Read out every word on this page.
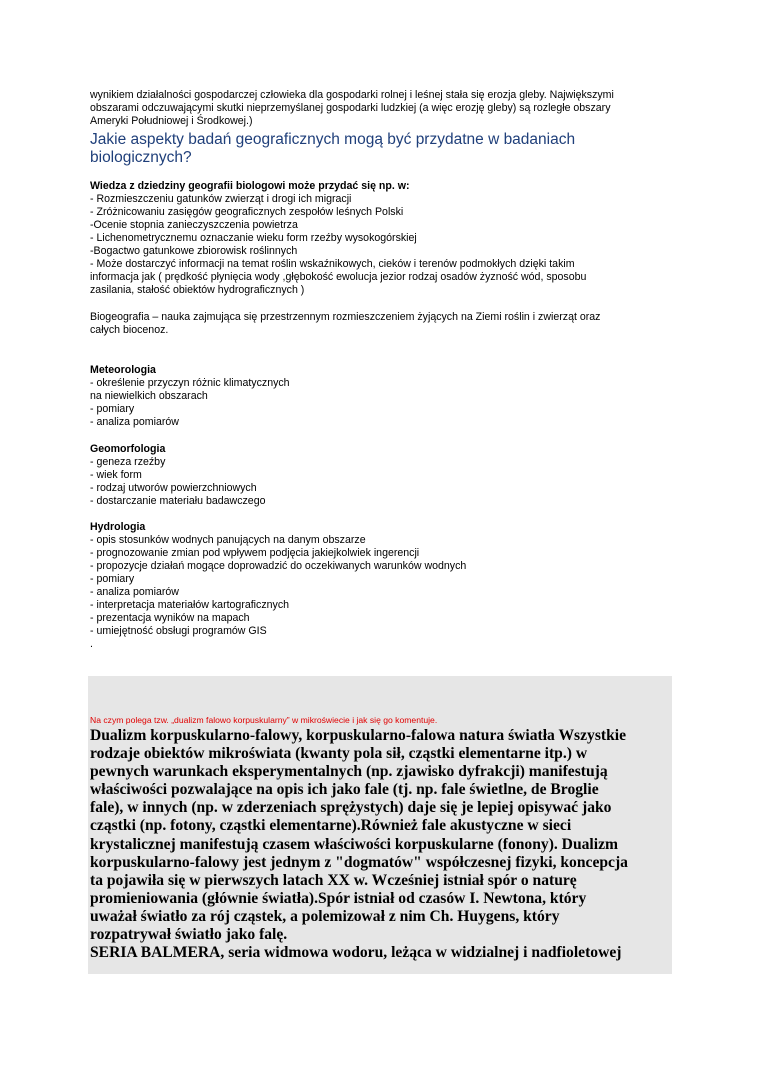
wynikiem działalności gospodarczej człowieka dla gospodarki rolnej i leśnej stała się erozja gleby. Największymi
obszarami odczuwającymi skutki nieprzemyślanej gospodarki ludzkiej (a więc erozję gleby) są rozległe obszary
Ameryki Południowej i Środkowej.)
Jakie aspekty badań geograficznych mogą być przydatne w badaniach
biologicznych?
Wiedza z dziedziny geografii biologowi może przydać się np. w:
- Rozmieszczeniu gatunków zwierząt i drogi ich migracji
- Zróżnicowaniu zasięgów geograficznych zespołów leśnych Polski
-Ocenie stopnia zanieczyszczenia powietrza
- Lichenometrycznemu oznaczanie wieku form rzeźby wysokogórskiej
-Bogactwo gatunkowe zbiorowisk roślinnych
- Może dostarczyć informacji na temat roślin wskaźnikowych, cieków i terenów podmokłych dzięki takim
informacja jak ( prędkość płynięcia wody ,głębokość ewolucja jezior rodzaj osadów żyzność wód, sposobu
zasilania, stałość obiektów hydrograficznych )
Biogeografia – nauka zajmująca się przestrzennym rozmieszczeniem żyjących na Ziemi roślin i zwierząt oraz
całych biocenoz.
Meteorologia
- określenie przyczyn różnic klimatycznych
na niewielkich obszarach
- pomiary
- analiza pomiarów
Geomorfologia
- geneza rzeźby
- wiek form
- rodzaj utworów powierzchniowych
- dostarczanie materiału badawczego
Hydrologia
- opis stosunków wodnych panujących na danym obszarze
- prognozowanie zmian pod wpływem podjęcia jakiejkolwiek ingerencji
- propozycje działań mogące doprowadzić do oczekiwanych warunków wodnych
- pomiary
- analiza pomiarów
- interpretacja materiałów kartograficznych
- prezentacja wyników na mapach
- umiejętność obsługi programów GIS
.
Na czym polega tzw. „dualizm falowo korpuskularny” w mikroświecie i jak się go komentuje.
Dualizm korpuskularno-falowy, korpuskularno-falowa natura światła Wszystkie
rodzaje obiektów mikroświata (kwanty pola sił, cząstki elementarne itp.) w
pewnych warunkach eksperymentalnych (np. zjawisko dyfrakcji) manifestują
właściwości pozwalające na opis ich jako fale (tj. np. fale świetlne, de Broglie
fale), w innych (np. w zderzeniach sprężystych) daje się je lepiej opisywać jako
cząstki (np. fotony, cząstki elementarne).Również fale akustyczne w sieci
krystalicznej manifestują czasem właściwości korpuskularne (fonony). Dualizm
korpuskularno-falowy jest jednym z "dogmatów" współczesnej fizyki, koncepcja
ta pojawiła się w pierwszych latach XX w. Wcześniej istniał spór o naturę
promieniowania (głównie światła).Spór istniał od czasów I. Newtona, który
uważał światło za rój cząstek, a polemizował z nim Ch. Huygens, który
rozpatrywał światło jako falę.
SERIA BALMERA, seria widmowa wodoru, leżąca w widzialnej i nadfioletowej
